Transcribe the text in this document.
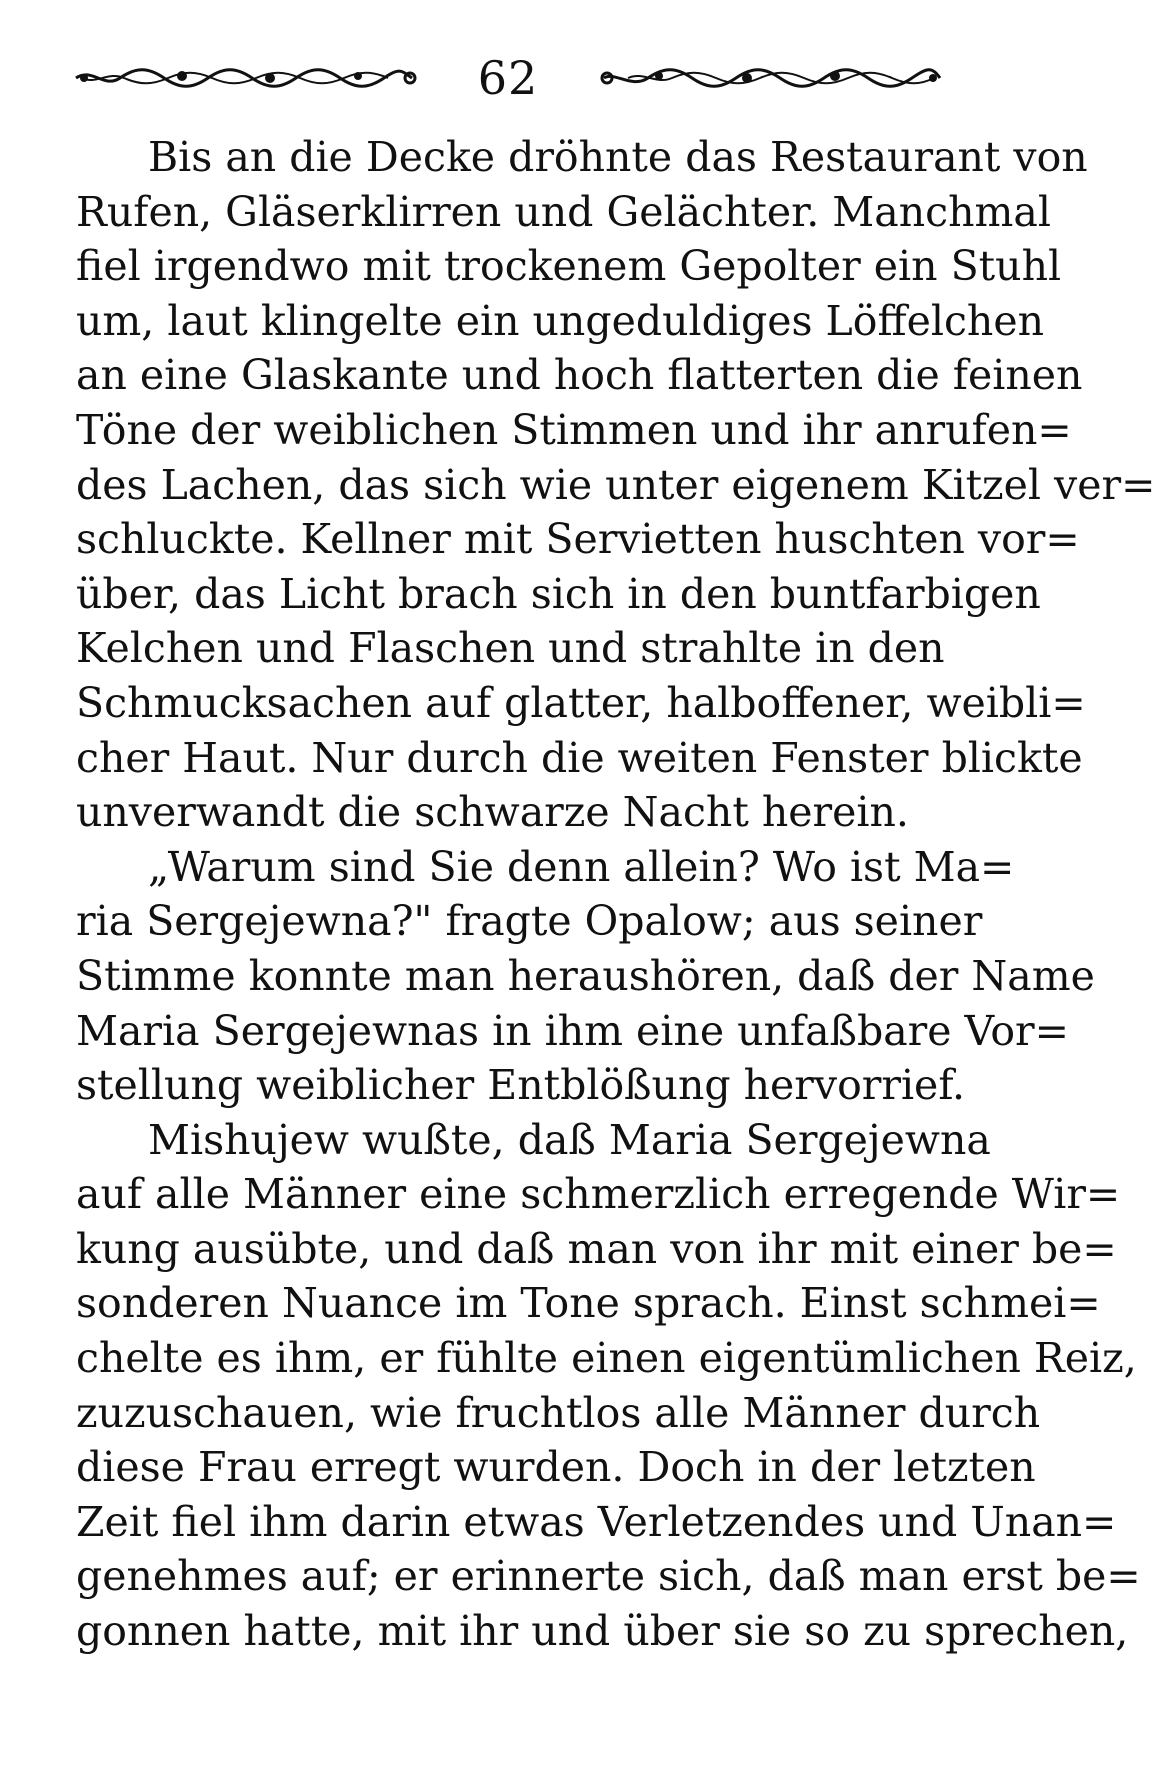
62

Bis an die Decke dröhnte das Restaurant von
Rufen, Gläserklirren und Gelächter. Manchmal
fiel irgendwo mit trockenem Gepolter ein Stuhl
um, laut klingelte ein ungeduldiges Löffelchen
an eine Glaskante und hoch flatterten die feinen
Töne der weiblichen Stimmen und ihr anrufen=
des Lachen, das sich wie unter eigenem Kitzel ver=
schluckte. Kellner mit Servietten huschten vor=
über, das Licht brach sich in den buntfarbigen
Kelchen und Flaschen und strahlte in den
Schmucksachen auf glatter, halboffener, weibli=
cher Haut. Nur durch die weiten Fenster blickte
unverwandt die schwarze Nacht herein.

„Warum sind Sie denn allein? Wo ist Ma=
ria Sergejewna?" fragte Opalow; aus seiner
Stimme konnte man heraushören, daß der Name
Maria Sergejewnas in ihm eine unfaßbare Vor=
stellung weiblicher Entblößung hervorrief.

Mishujew wußte, daß Maria Sergejewna
auf alle Männer eine schmerzlich erregende Wir=
kung ausübte, und daß man von ihr mit einer be=
sonderen Nuance im Tone sprach. Einst schmei=
chelte es ihm, er fühlte einen eigentümlichen Reiz,
zuzuschauen, wie fruchtlos alle Männer durch
diese Frau erregt wurden. Doch in der letzten
Zeit fiel ihm darin etwas Verletzendes und Unan=
genehmes auf; er erinnerte sich, daß man erst be=
gonnen hatte, mit ihr und über sie so zu sprechen,
